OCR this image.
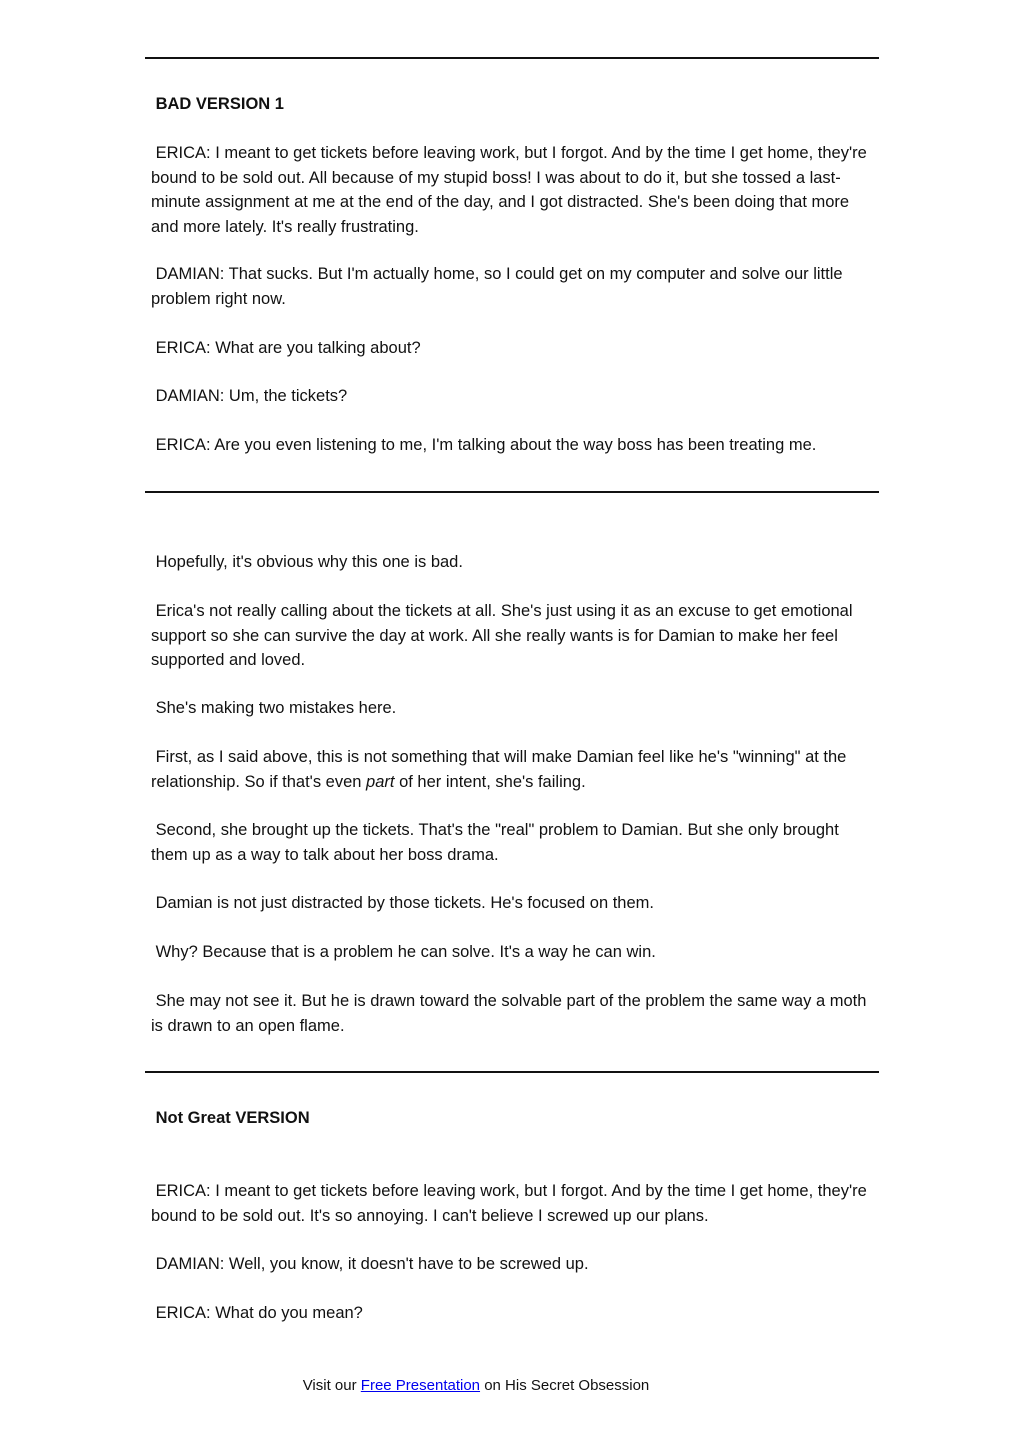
BAD VERSION 1

ERICA: I meant to get tickets before leaving work, but I forgot. And by the time I get home, they're bound to be sold out. All because of my stupid boss! I was about to do it, but she tossed a last-minute assignment at me at the end of the day, and I got distracted. She's been doing that more and more lately. It's really frustrating.

DAMIAN: That sucks. But I'm actually home, so I could get on my computer and solve our little problem right now.

ERICA: What are you talking about?

DAMIAN: Um, the tickets?

ERICA: Are you even listening to me, I'm talking about the way boss has been treating me.

Hopefully, it's obvious why this one is bad.

Erica's not really calling about the tickets at all. She's just using it as an excuse to get emotional support so she can survive the day at work. All she really wants is for Damian to make her feel supported and loved.

She's making two mistakes here.

First, as I said above, this is not something that will make Damian feel like he's "winning" at the relationship. So if that's even part of her intent, she's failing.

Second, she brought up the tickets. That's the "real" problem to Damian. But she only brought them up as a way to talk about her boss drama.

Damian is not just distracted by those tickets. He's focused on them.

Why? Because that is a problem he can solve. It's a way he can win.

She may not see it. But he is drawn toward the solvable part of the problem the same way a moth is drawn to an open flame.

Not Great VERSION

ERICA: I meant to get tickets before leaving work, but I forgot. And by the time I get home, they're bound to be sold out. It's so annoying. I can't believe I screwed up our plans.

DAMIAN: Well, you know, it doesn't have to be screwed up.

ERICA: What do you mean?

Visit our Free Presentation on His Secret Obsession
